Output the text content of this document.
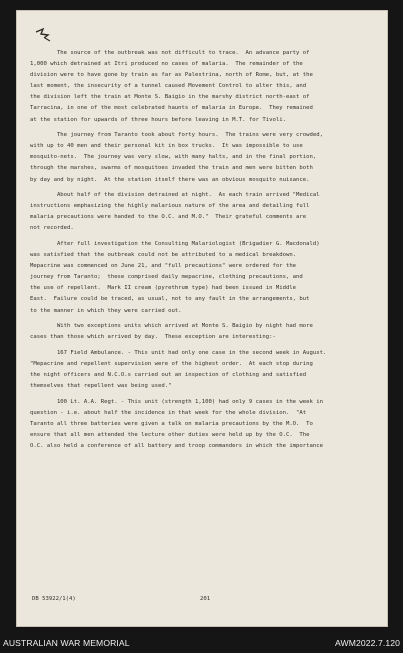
The source of the outbreak was not difficult to trace.  An advance party of
1,000 which detrained at Itri produced no cases of malaria.  The remainder of the
division were to have gone by train as far as Palestrina, north of Rome, but, at the
last moment, the insecurity of a tunnel caused Movement Control to alter this, and
the division left the train at Monte S. Baigio in the marshy district north-east of
Tarracina, in one of the most celebrated haunts of malaria in Europe.  They remained
at the station for upwards of three hours before leaving in M.T. for Tivoli.
The journey from Taranto took about forty hours.  The trains were very crowded,
with up to 40 men and their personal kit in box trucks.  It was impossible to use
mosquito-nets.  The journey was very slow, with many halts, and in the final portion,
through the marshes, swarms of mosquitoes invaded the train and men were bitten both
by day and by night.  At the station itself there was an obvious mosquito nuisance.
About half of the division detrained at night.  As each train arrived "Medical
instructions emphasizing the highly malarious nature of the area and detailing full
malaria precautions were handed to the O.C. and M.O."  Their grateful comments are
not recorded.
After full investigation the Consulting Malariologist (Brigadier G. Macdonald)
was satisfied that the outbreak could not be attributed to a medical breakdown.
Mepacrine was commenced on June 21, and "full precautions" were ordered for the
journey from Taranto;  these comprised daily mepacrine, clothing precautions, and
the use of repellent.  Mark II cream (pyrethrum type) had been issued in Middle
East.  Failure could be traced, as usual, not to any fault in the arrangements, but
to the manner in which they were carried out.
With two exceptions units which arrived at Monte S. Baigio by night had more
cases than those which arrived by day.  These exception are interesting:-
167 Field Ambulance. - This unit had only one case in the second week in August.
"Mepacrine and repellent supervision were of the highest order.  At each stop during
the night officers and N.C.O.s carried out an inspection of clothing and satisfied
themselves that repellent was being used."
100 Lt. A.A. Regt. - This unit (strength 1,100) had only 9 cases in the week in
question - i.e. about half the incidence in that week for the whole division.  "At
Taranto all three batteries were given a talk on malaria precautions by the M.O.  To
ensure that all men attended the lecture other duties were held up by the O.C.  The
O.C. also held a conference of all battery and troop commanders in which the importance
DB 53922/1(4)	201
AUSTRALIAN WAR MEMORIAL	AWM2022.7.120
